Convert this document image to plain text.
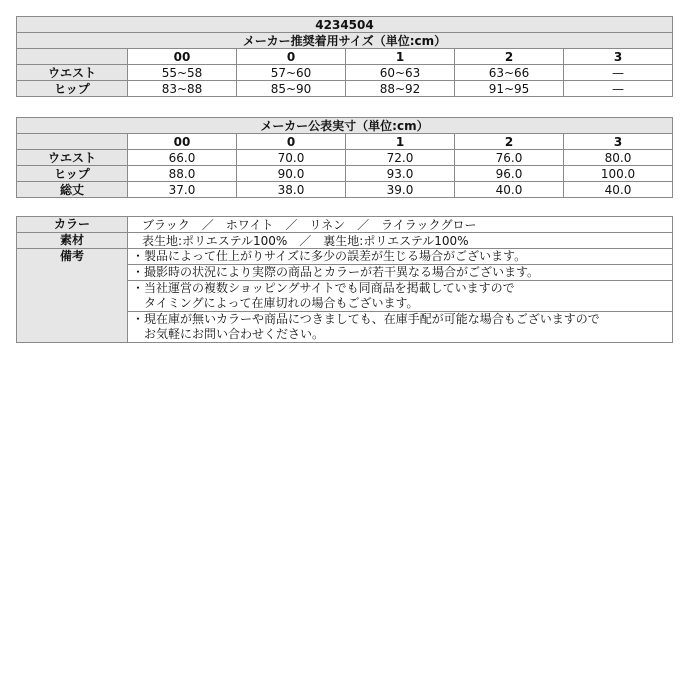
4234504					
メーカー推奨着用サイズ（単位:cm）					
	00	0	1	2	3
ウエスト	55~58	57~60	60~63	63~66	—
ヒップ	83~88	85~90	88~92	91~95	—
メーカー公表実寸（単位:cm）					
	00	0	1	2	3
ウエスト	66.0	70.0	72.0	76.0	80.0
ヒップ	88.0	90.0	93.0	96.0	100.0
総丈	37.0	38.0	39.0	40.0	40.0
カラー	ブラック　／　ホワイト　／　リネン　／　ライラックグロー
素材	表生地:ポリエステル100%　／　裏生地:ポリエステル100%
備考	・製品によって仕上がりサイズに多少の誤差が生じる場合がございます。

	・撮影時の状況により実際の商品とカラーが若干異なる場合がございます。

	・当社運営の複数ショッピングサイトでも同商品を掲載していますので
　タイミングによって在庫切れの場合もございます。

	・現在庫が無いカラーや商品につきましても、在庫手配が可能な場合もございますので
　お気軽にお問い合わせください。
